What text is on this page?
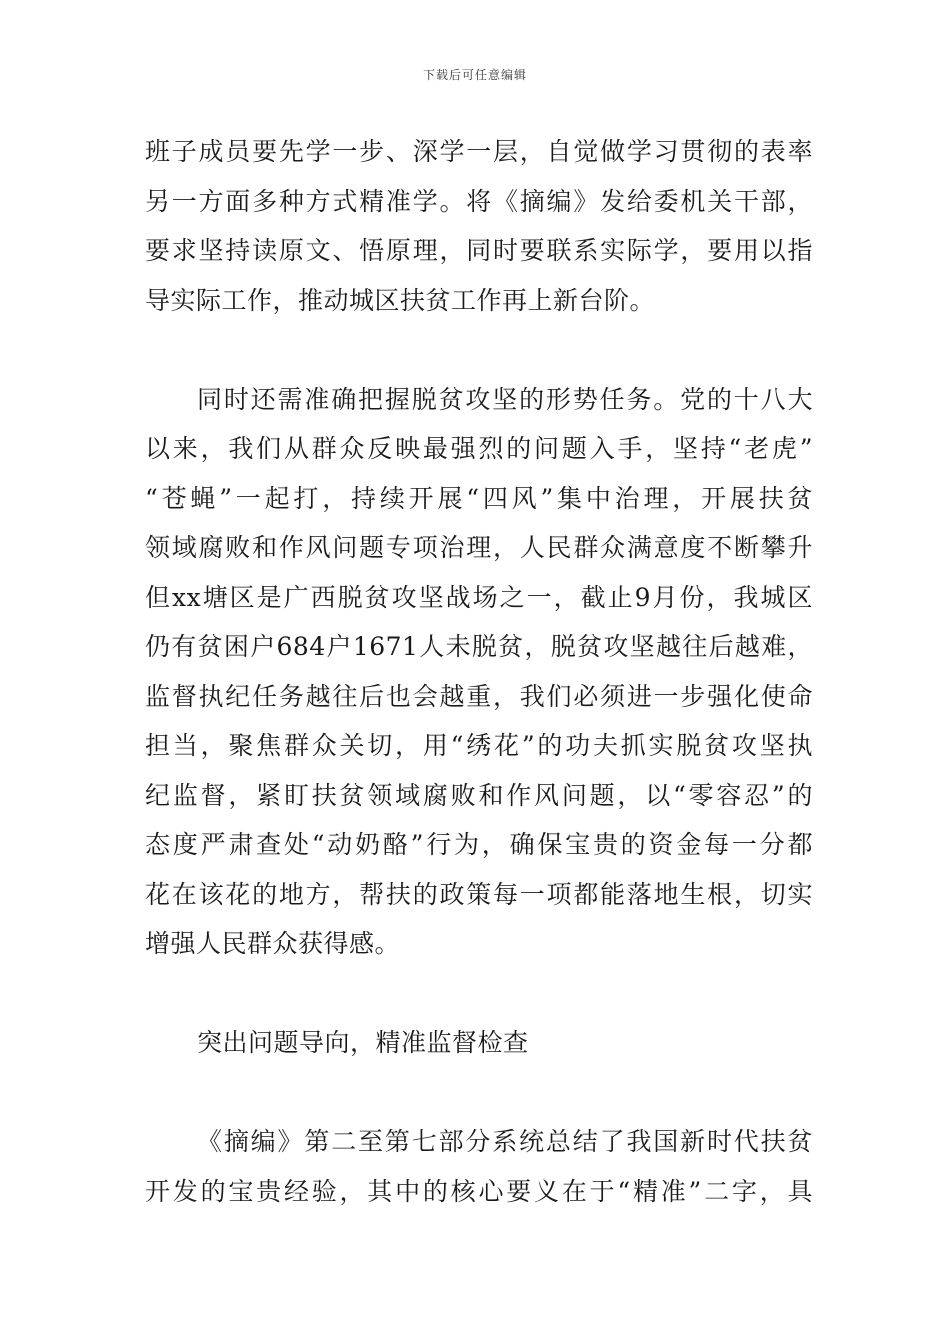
下载后可任意编辑
班子成员要先学一步、深学一层，自觉做学习贯彻的表率
另一方面多种方式精准学。将《摘编》发给委机关干部，
要求坚持读原文、悟原理，同时要联系实际学，要用以指
导实际工作，推动城区扶贫工作再上新台阶。
同时还需准确把握脱贫攻坚的形势任务。党的十八大
以来，我们从群众反映最强烈的问题入手，坚持“老虎”
“苍蝇”一起打，持续开展“四风”集中治理，开展扶贫
领域腐败和作风问题专项治理，人民群众满意度不断攀升
但xx塘区是广西脱贫攻坚战场之一，截止9月份，我城区
仍有贫困户684户1671人未脱贫，脱贫攻坚越往后越难，
监督执纪任务越往后也会越重，我们必须进一步强化使命
担当，聚焦群众关切，用“绣花”的功夫抓实脱贫攻坚执
纪监督，紧盯扶贫领域腐败和作风问题，以“零容忍”的
态度严肃查处“动奶酪”行为，确保宝贵的资金每一分都
花在该花的地方，帮扶的政策每一项都能落地生根，切实
增强人民群众获得感。
突出问题导向，精准监督检查
《摘编》第二至第七部分系统总结了我国新时代扶贫
开发的宝贵经验，其中的核心要义在于“精准”二字，具
